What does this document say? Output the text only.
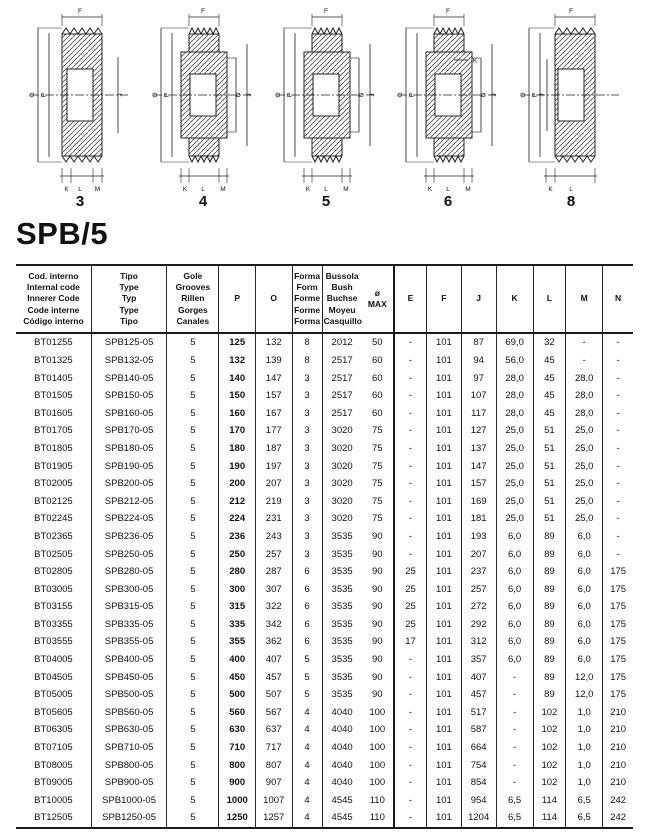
F
O P	J
K L M
3
F
O P	N J
K L M
4
F
O P	N J
K L M
5
F
O P	N J
K
K L M
6
F
O P J
K	L
8
SPB/5
Cod. interno
Internal code
Innerer Code
Code interne
Código interno

Tipo
Type
Typ
Type
Tipo

Gole
Grooves
Rillen
Gorges
Canales

P	O

Forma
Form
Forme
Forme
Forma

Bussola
Bush
Buchse
Moyeu
Casquillo

ø
MAX

E	F	J	K	L	M	N

BT01255	SPB125-05	5	125	132	8	2012	50	-	101	87	69,0	32	-	-
BT01325	SPB132-05	5	132	139	8	2517	60	-	101	94	56,0	45	-	-
BT01405	SPB140-05	5	140	147	3	2517	60	-	101	97	28,0	45	28,0	-
BT01505	SPB150-05	5	150	157	3	2517	60	-	101	107	28,0	45	28,0	-
BT01605	SPB160-05	5	160	167	3	2517	60	-	101	117	28,0	45	28,0	-
BT01705	SPB170-05	5	170	177	3	3020	75	-	101	127	25,0	51	25,0	-
BT01805	SPB180-05	5	180	187	3	3020	75	-	101	137	25,0	51	25,0	-
BT01905	SPB190-05	5	190	197	3	3020	75	-	101	147	25,0	51	25,0	-
BT02005	SPB200-05	5	200	207	3	3020	75	-	101	157	25,0	51	25,0	-
BT02125	SPB212-05	5	212	219	3	3020	75	-	101	169	25,0	51	25,0	-
BT02245	SPB224-05	5	224	231	3	3020	75	-	101	181	25,0	51	25,0	-
BT02365	SPB236-05	5	236	243	3	3535	90	-	101	193	6,0	89	6,0	-
BT02505	SPB250-05	5	250	257	3	3535	90	-	101	207	6,0	89	6,0	-
BT02805	SPB280-05	5	280	287	6	3535	90	25	101	237	6,0	89	6,0	175
BT03005	SPB300-05	5	300	307	6	3535	90	25	101	257	6,0	89	6,0	175
BT03155	SPB315-05	5	315	322	6	3535	90	25	101	272	6,0	89	6,0	175
BT03355	SPB335-05	5	335	342	6	3535	90	25	101	292	6,0	89	6,0	175
BT03555	SPB355-05	5	355	362	6	3535	90	17	101	312	6,0	89	6,0	175
BT04005	SPB400-05	5	400	407	5	3535	90	-	101	357	6,0	89	6,0	175
BT04505	SPB450-05	5	450	457	5	3535	90	-	101	407	-	89	12,0	175
BT05005	SPB500-05	5	500	507	5	3535	90	-	101	457	-	89	12,0	175
BT05605	SPB560-05	5	560	567	4	4040	100	-	101	517	-	102	1,0	210
BT06305	SPB630-05	5	630	637	4	4040	100	-	101	587	-	102	1,0	210
BT07105	SPB710-05	5	710	717	4	4040	100	-	101	664	-	102	1,0	210
BT08005	SPB800-05	5	800	807	4	4040	100	-	101	754	-	102	1,0	210
BT09005	SPB900-05	5	900	907	4	4040	100	-	101	854	-	102	1,0	210
BT10005	SPB1000-05	5	1000	1007	4	4545	110	-	101	954	6,5	114	6,5	242
BT12505	SPB1250-05	5	1250	1257	4	4545	110	-	101	1204	6,5	114	6,5	242
